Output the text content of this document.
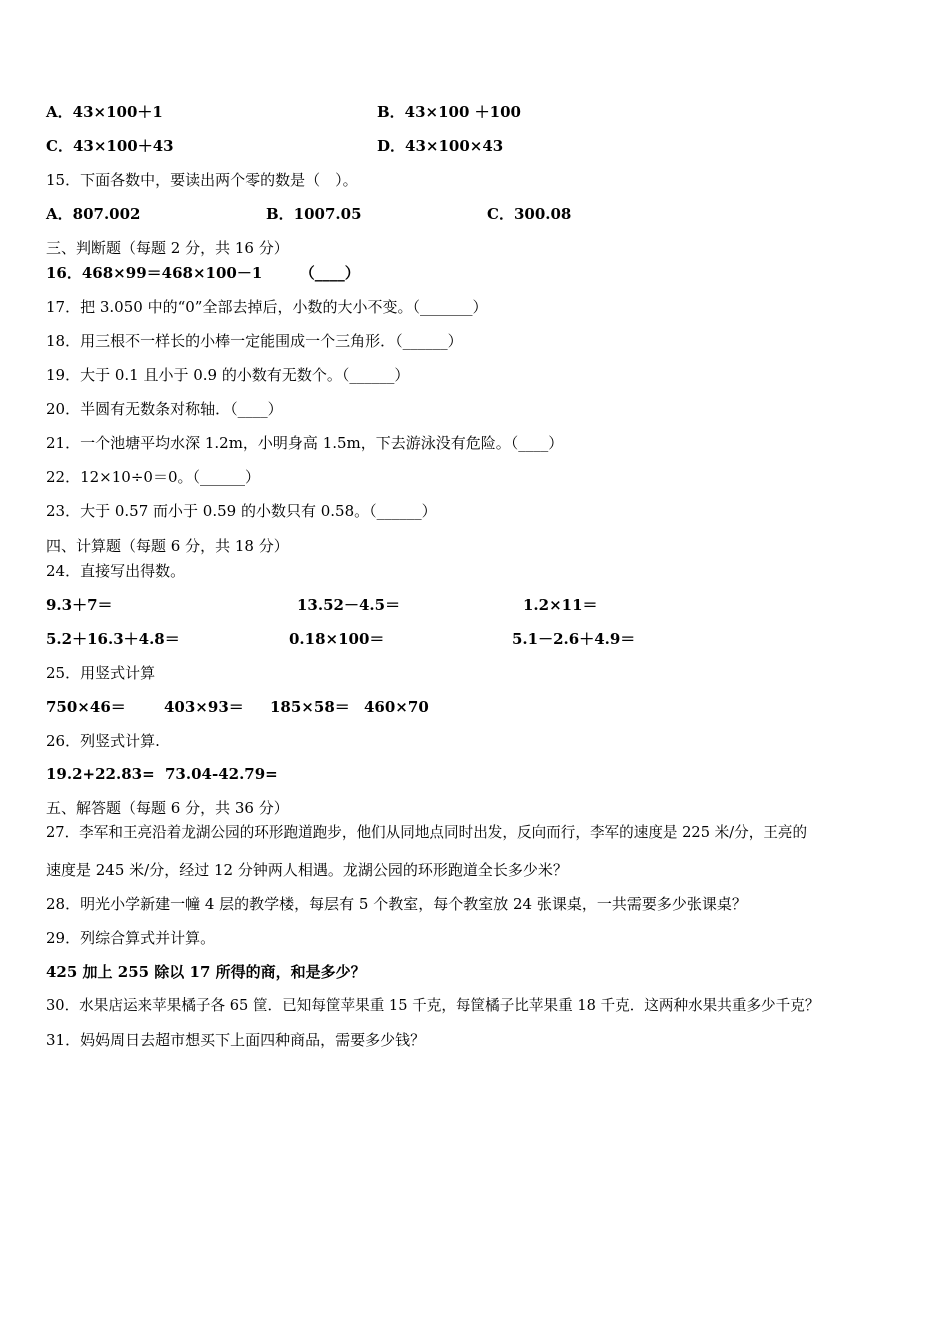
A．43×100＋1	B．43×100 ＋100
C．43×100＋43	D．43×100×43
15．下面各数中，要读出两个零的数是（　）。
A．807.002	B．1007.05	C．300.08
三、判断题（每题 2 分，共 16 分）
16．468×99＝468×100－1　　　（____）
17．把 3.050 中的“0”全部去掉后，小数的大小不变。（_______）
18．用三根不一样长的小棒一定能围成一个三角形．（______）
19．大于 0.1 且小于 0.9 的小数有无数个。（______）
20．半圆有无数条对称轴．（____）
21．一个池塘平均水深 1.2m，小明身高 1.5m，下去游泳没有危险。（____）
22．12×10÷0＝0。（______）
23．大于 0.57 而小于 0.59 的小数只有 0.58。（______）
四、计算题（每题 6 分，共 18 分）
24．直接写出得数。
9.3＋7＝	13.52－4.5＝	1.2×11＝
5.2＋16.3＋4.8＝	0.18×100＝	5.1－2.6＋4.9＝
25．用竖式计算
750×46＝	403×93＝ 185×58＝ 460×70
26．列竖式计算.
19.2+22.83= 73.04-42.79=
五、解答题（每题 6 分，共 36 分）
27．李军和王亮沿着龙湖公园的环形跑道跑步，他们从同地点同时出发，反向而行，李军的速度是 225 米/分，王亮的
速度是 245 米/分，经过 12 分钟两人相遇。龙湖公园的环形跑道全长多少米？
28．明光小学新建一幢 4 层的教学楼，每层有 5 个教室，每个教室放 24 张课桌，一共需要多少张课桌？
29．列综合算式并计算。
425 加上 255 除以 17 所得的商，和是多少？
30．水果店运来苹果橘子各 65 筐．已知每筐苹果重 15 千克，每筐橘子比苹果重 18 千克．这两种水果共重多少千克？
31．妈妈周日去超市想买下上面四种商品，需要多少钱？
